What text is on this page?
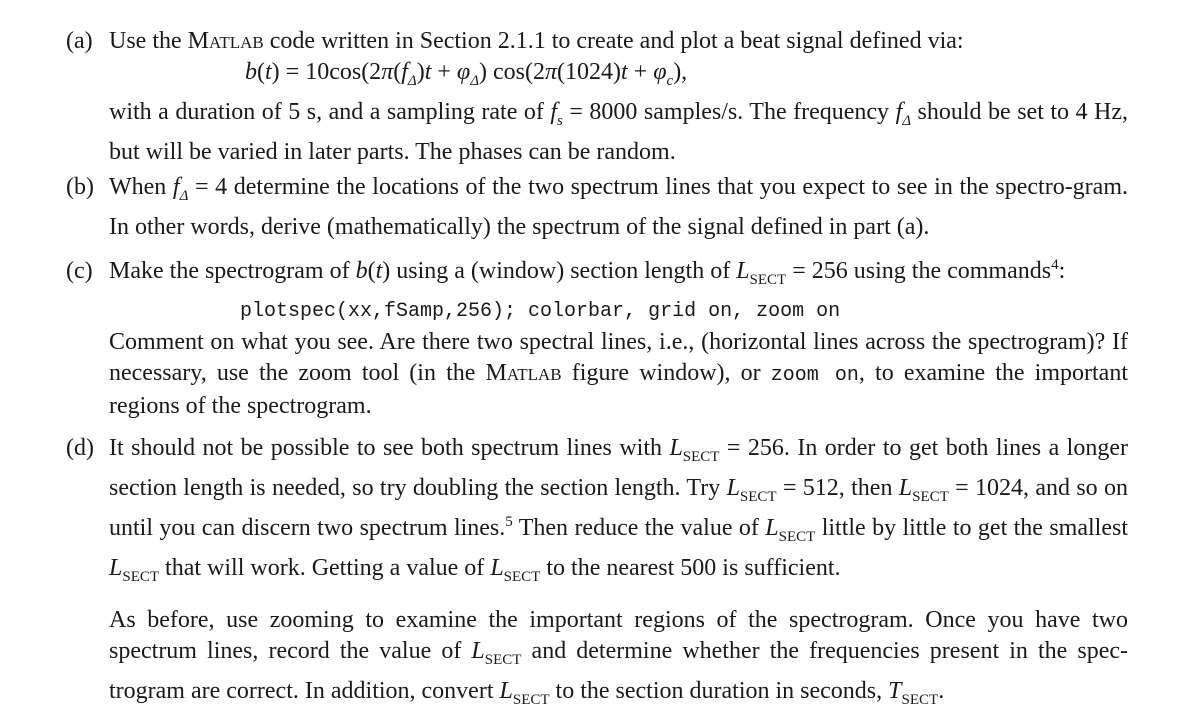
(a) Use the Matlab code written in Section 2.1.1 to create and plot a beat signal defined via:

$b(t) = 10\cos(2\pi(f_\Delta)t + \varphi_\Delta) \cos(2\pi(1024)t + \varphi_c)$,

with a duration of 5 s, and a sampling rate of $f_s = 8000$ samples/s. The frequency $f_\Delta$ should be set to 4 Hz, but will be varied in later parts. The phases can be random.

(b) When $f_\Delta = 4$ determine the locations of the two spectrum lines that you expect to see in the spectro-gram. In other words, derive (mathematically) the spectrum of the signal defined in part (a).

(c) Make the spectrogram of b(t) using a (window) section length of $L_{SECT} = 256$ using the commands$^4$:

plotspec(xx,fSamp,256); colorbar, grid on, zoom on

Comment on what you see. Are there two spectral lines, i.e., (horizontal lines across the spectrogram)? If necessary, use the zoom tool (in the Matlab figure window), or zoom on, to examine the important regions of the spectrogram.

(d) It should not be possible to see both spectrum lines with $L_{SECT} = 256$. In order to get both lines a longer section length is needed, so try doubling the section length. Try $L_{SECT} = 512$, then $L_{SECT} = 1024$, and so on until you can discern two spectrum lines.$^5$ Then reduce the value of $L_{SECT}$ little by little to get the smallest $L_{SECT}$ that will work. Getting a value of $L_{SECT}$ to the nearest 500 is sufficient.

As before, use zooming to examine the important regions of the spectrogram. Once you have two spectrum lines, record the value of $L_{SECT}$ and determine whether the frequencies present in the spec-trogram are correct. In addition, convert $L_{SECT}$ to the section duration in seconds, $T_{SECT}$.
